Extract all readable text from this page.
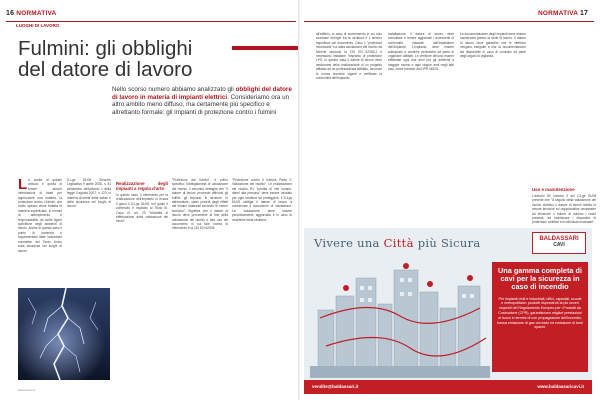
16 NORMATIVA
LUOGHI DI LAVORO
Fulmini: gli obblighi del datore di lavoro

Nello scorso numero abbiamo analizzato gli obblighi del datore di lavoro in materia di impianti elettrici. Consideriamo ora un altro ambito meno diffuso, ma certamente più specifico e altrettanto formale: gli impianti di protezione contro i fulmini

L a scelta di questo articolo è quella di fornire alcune informazioni di base per approcciare una materia, la protezione contro i fulmini, che molto spesso viene trattata in maniera superficiale, in termini di adempimento e responsabilità, da molte figure specifiche negli ambienti di lavoro. Anche in questo caso il punto di partenza è rappresentato dalle indicazioni normative del Testo Unico sulla sicurezza nei luoghi di lavoro.
D.Lgs 81/08 "Decreto Legislativo 9 aprile 2008, n. 81 Attuazione dell'articolo 1 della legge 3 agosto 2007, n. 123, in materia di tutela della salute e della sicurezza nei luoghi di lavoro".
Realizzazione degli impianti a regola d'arte
In questo caso, il riferimento per la realizzazione dell'impianto lo ricava il gioco il D.Lgs 81/08, nel quale il contenuto è esplicito al Titolo III, Capo III, art. 29 "Modalità di effettuazione della valutazione dei rischi".
"Protezioni dai fulmini". Il primo specifico l'obbligatorietà di valutazione del rischio, il secondo dettaglia che "il datore di lavoro provvede affinché gli edifici, gli impianti, le strutture, le attrezzature, siano protetti dagli effetti dei fulmini realizzati secondo le norme tecniche". Significa che il datore di lavoro deve provvedere al fine della valutazione del rischio e fare uso del documento in cui tale norma di riferimento è la CEI EN 62305.
"Protezione contro il fulmine Parte 2: Valutazione del rischio". Le realizzazione del rischio R1 "perdita di vite umane, danni alla persona" deve essere valutato per ogni struttura da proteggere. Il D.Lgs 81/08 obbliga il datore di lavoro a conservare il documento di valutazione. La valutazione deve essere periodicamente aggiornata e in caso di modifiche della struttura.
www.ai-tec.it
NORMATIVA 17
all'edificio, in caso di avvenimento in cui solo scaricare energie tra la struttura e il terreno impedisce dal documento. Caso 1 "protezioni necessarie" ha dalla valutazione del rischio da fulmine secondo la CEI EN 62305-2 è necessario installare l'impianto di protezione LPS. In questo caso il datore di lavoro deve assicurarsi della realizzazione di un progetto affidato ad un professionista abilitato, secondo le norme tecniche vigenti e verificare la conformità dell'impianto.
installazione, il datore di lavoro deve consultare e tenere aggiornati i documenti di conformità rilasciati dall'installatore dell'impianto. L'impianto deve essere sottoposto a verifiche periodiche da parte di organismi abilitati. Le verifiche devono essere effettuate ogni due anni per gli ambienti a maggior rischio e ogni cinque anni negli altri casi, come previsto dal DPR 462/01.
La documentazione degli impianti deve essere conservata presso la sede di lavoro. Il datore di lavoro deve garantire che le verifiche vengano eseguite e che la documentazione sia disponibile in caso di controllo da parte degli organi di vigilanza.
Uso e manutenzione
L'articolo 80 comma 3 del D.Lgs 81/08 prevede che "A seguito della valutazione del rischio elettrico il datore di lavoro adotta le misure tecniche ed organizzative necessarie ad eliminare o ridurre al minimo i rischi presenti, ad individuare i dispositivi di protezione collettivi ed individuali necessari".
Vivere una Città più Sicura	BALDASSARI
CAVI
Una gamma completa di cavi per la sicurezza in caso di incendio
Per impianti civili e industriali, uffici, ospedali, scuole e metropolitane: prodotti rispondenti ai più severi requisiti del Regolamento Europeo per i Prodotti da Costruzione (CPR), garantiscono migliori prestazioni al fuoco in termini di non propagazione dell'incendio, bassa emissione di gas corrosivi ed emissione di fumi opachi.
vendite@baldassari.it	www.baldassaricavi.it
